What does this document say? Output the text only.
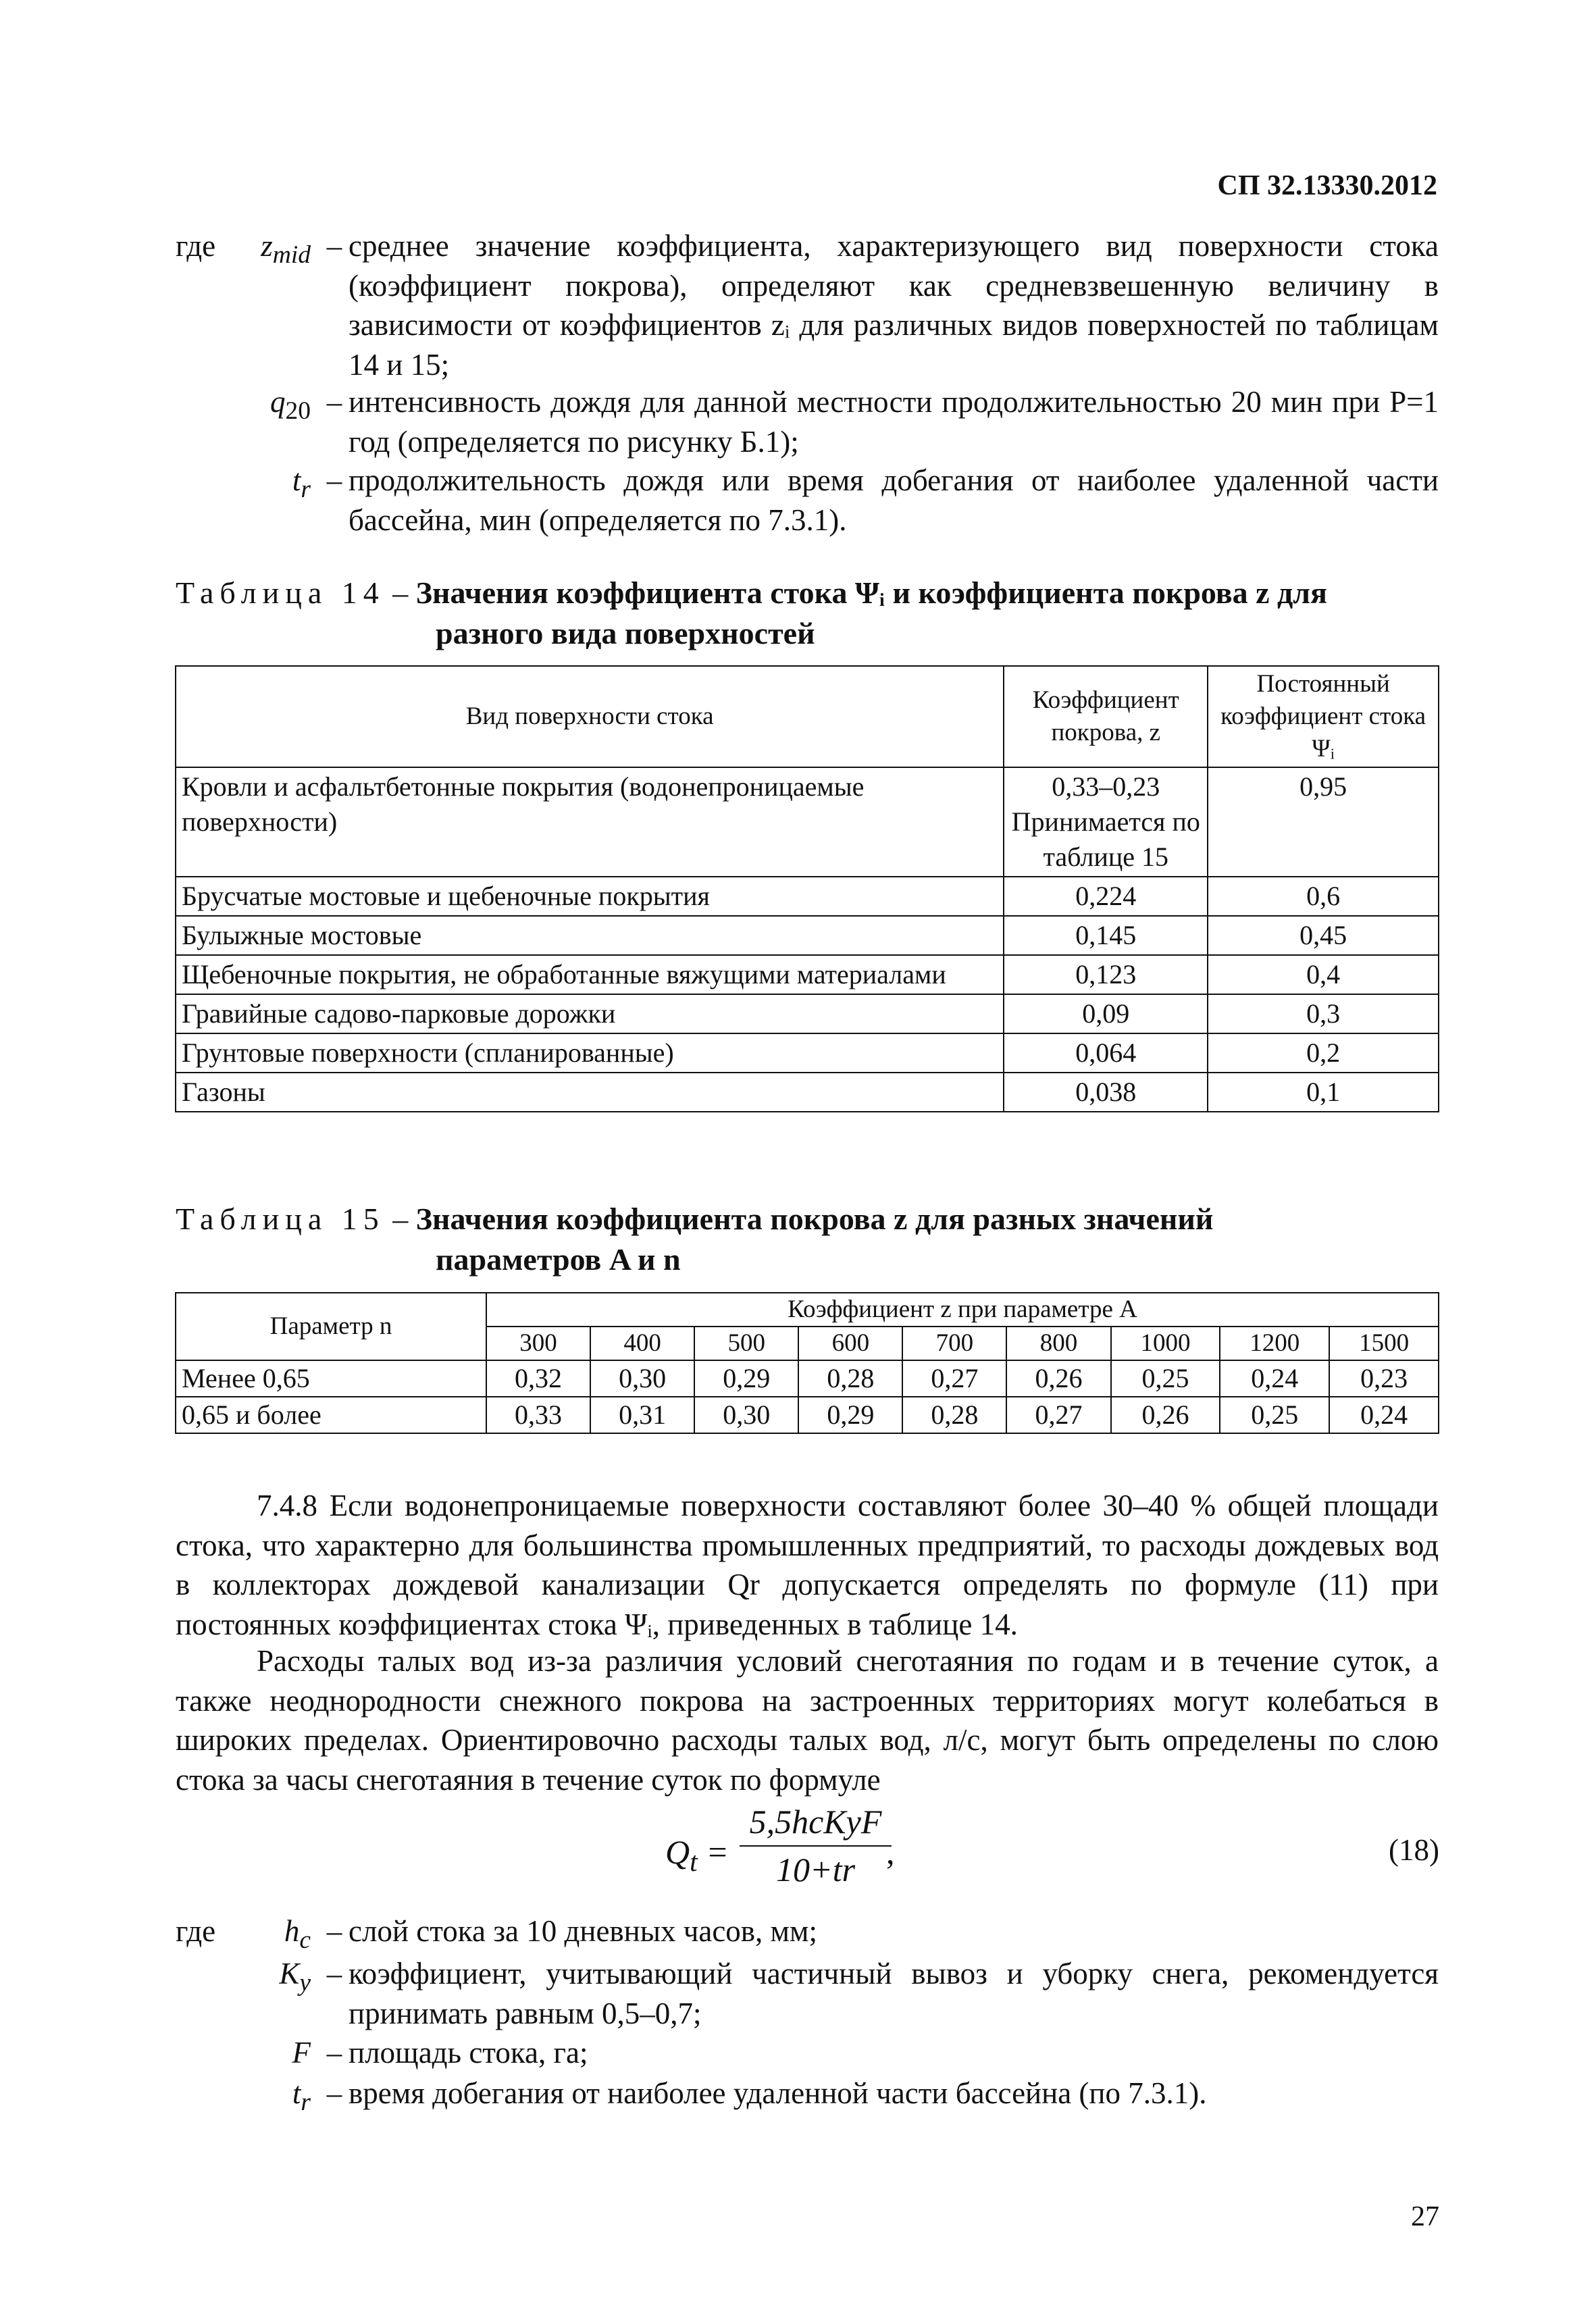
СП 32.13330.2012
где $z_{mid}$ – среднее значение коэффициента, характеризующего вид поверхности стока (коэффициент покрова), определяют как средневзвешенную величину в зависимости от коэффициентов zᵢ для различных видов поверхностей по таблицам 14 и 15;
$q_{20}$ – интенсивность дождя для данной местности продолжительностью 20 мин при P=1 год (определяется по рисунку Б.1);
$t_r$ – продолжительность дождя или время добегания от наиболее удаленной части бассейна, мин (определяется по 7.3.1).
Таблица 14 – Значения коэффициента стока Ψᵢ и коэффициента покрова z для
разного вида поверхностей
Вид поверхности стока	Коэффициент покрова, z	Постоянный коэффициент стока Ψᵢ
Кровли и асфальтбетонные покрытия (водонепроницаемые поверхности)	0,33–0,23 Принимается по таблице 15	0,95
Брусчатые мостовые и щебеночные покрытия	0,224	0,6
Булыжные мостовые	0,145	0,45
Щебеночные покрытия, не обработанные вяжущими материалами	0,123	0,4
Гравийные садово-парковые дорожки	0,09	0,3
Грунтовые поверхности (спланированные)	0,064	0,2
Газоны	0,038	0,1
Таблица 15 – Значения коэффициента покрова z для разных значений
параметров A и n
Параметр n	Коэффициент z при параметре A								
	300	400	500	600	700	800	1000	1200	1500
Менее 0,65	0,32	0,30	0,29	0,28	0,27	0,26	0,25	0,24	0,23
0,65 и более	0,33	0,31	0,30	0,29	0,28	0,27	0,26	0,25	0,24
7.4.8 Если водонепроницаемые поверхности составляют более 30–40 % общей площади стока, что характерно для большинства промышленных предприятий, то расходы дождевых вод в коллекторах дождевой канализации Qr допускается определять по формуле (11) при постоянных коэффициентах стока Ψᵢ, приведенных в таблице 14.
Расходы талых вод из-за различия условий снеготаяния по годам и в течение суток, а также неоднородности снежного покрова на застроенных территориях могут колебаться в широких пределах. Ориентировочно расходы талых вод, л/с, могут быть определены по слою стока за часы снеготаяния в течение суток по формуле
$Q_t$ =
5,5hcKyF
10+tr ,	(18)
где $h_c$ – слой стока за 10 дневных часов, мм;
$K_y$ – коэффициент, учитывающий частичный вывоз и уборку снега, рекомендуется принимать равным 0,5–0,7;
F – площадь стока, га;
$t_r$ – время добегания от наиболее удаленной части бассейна (по 7.3.1).
27
